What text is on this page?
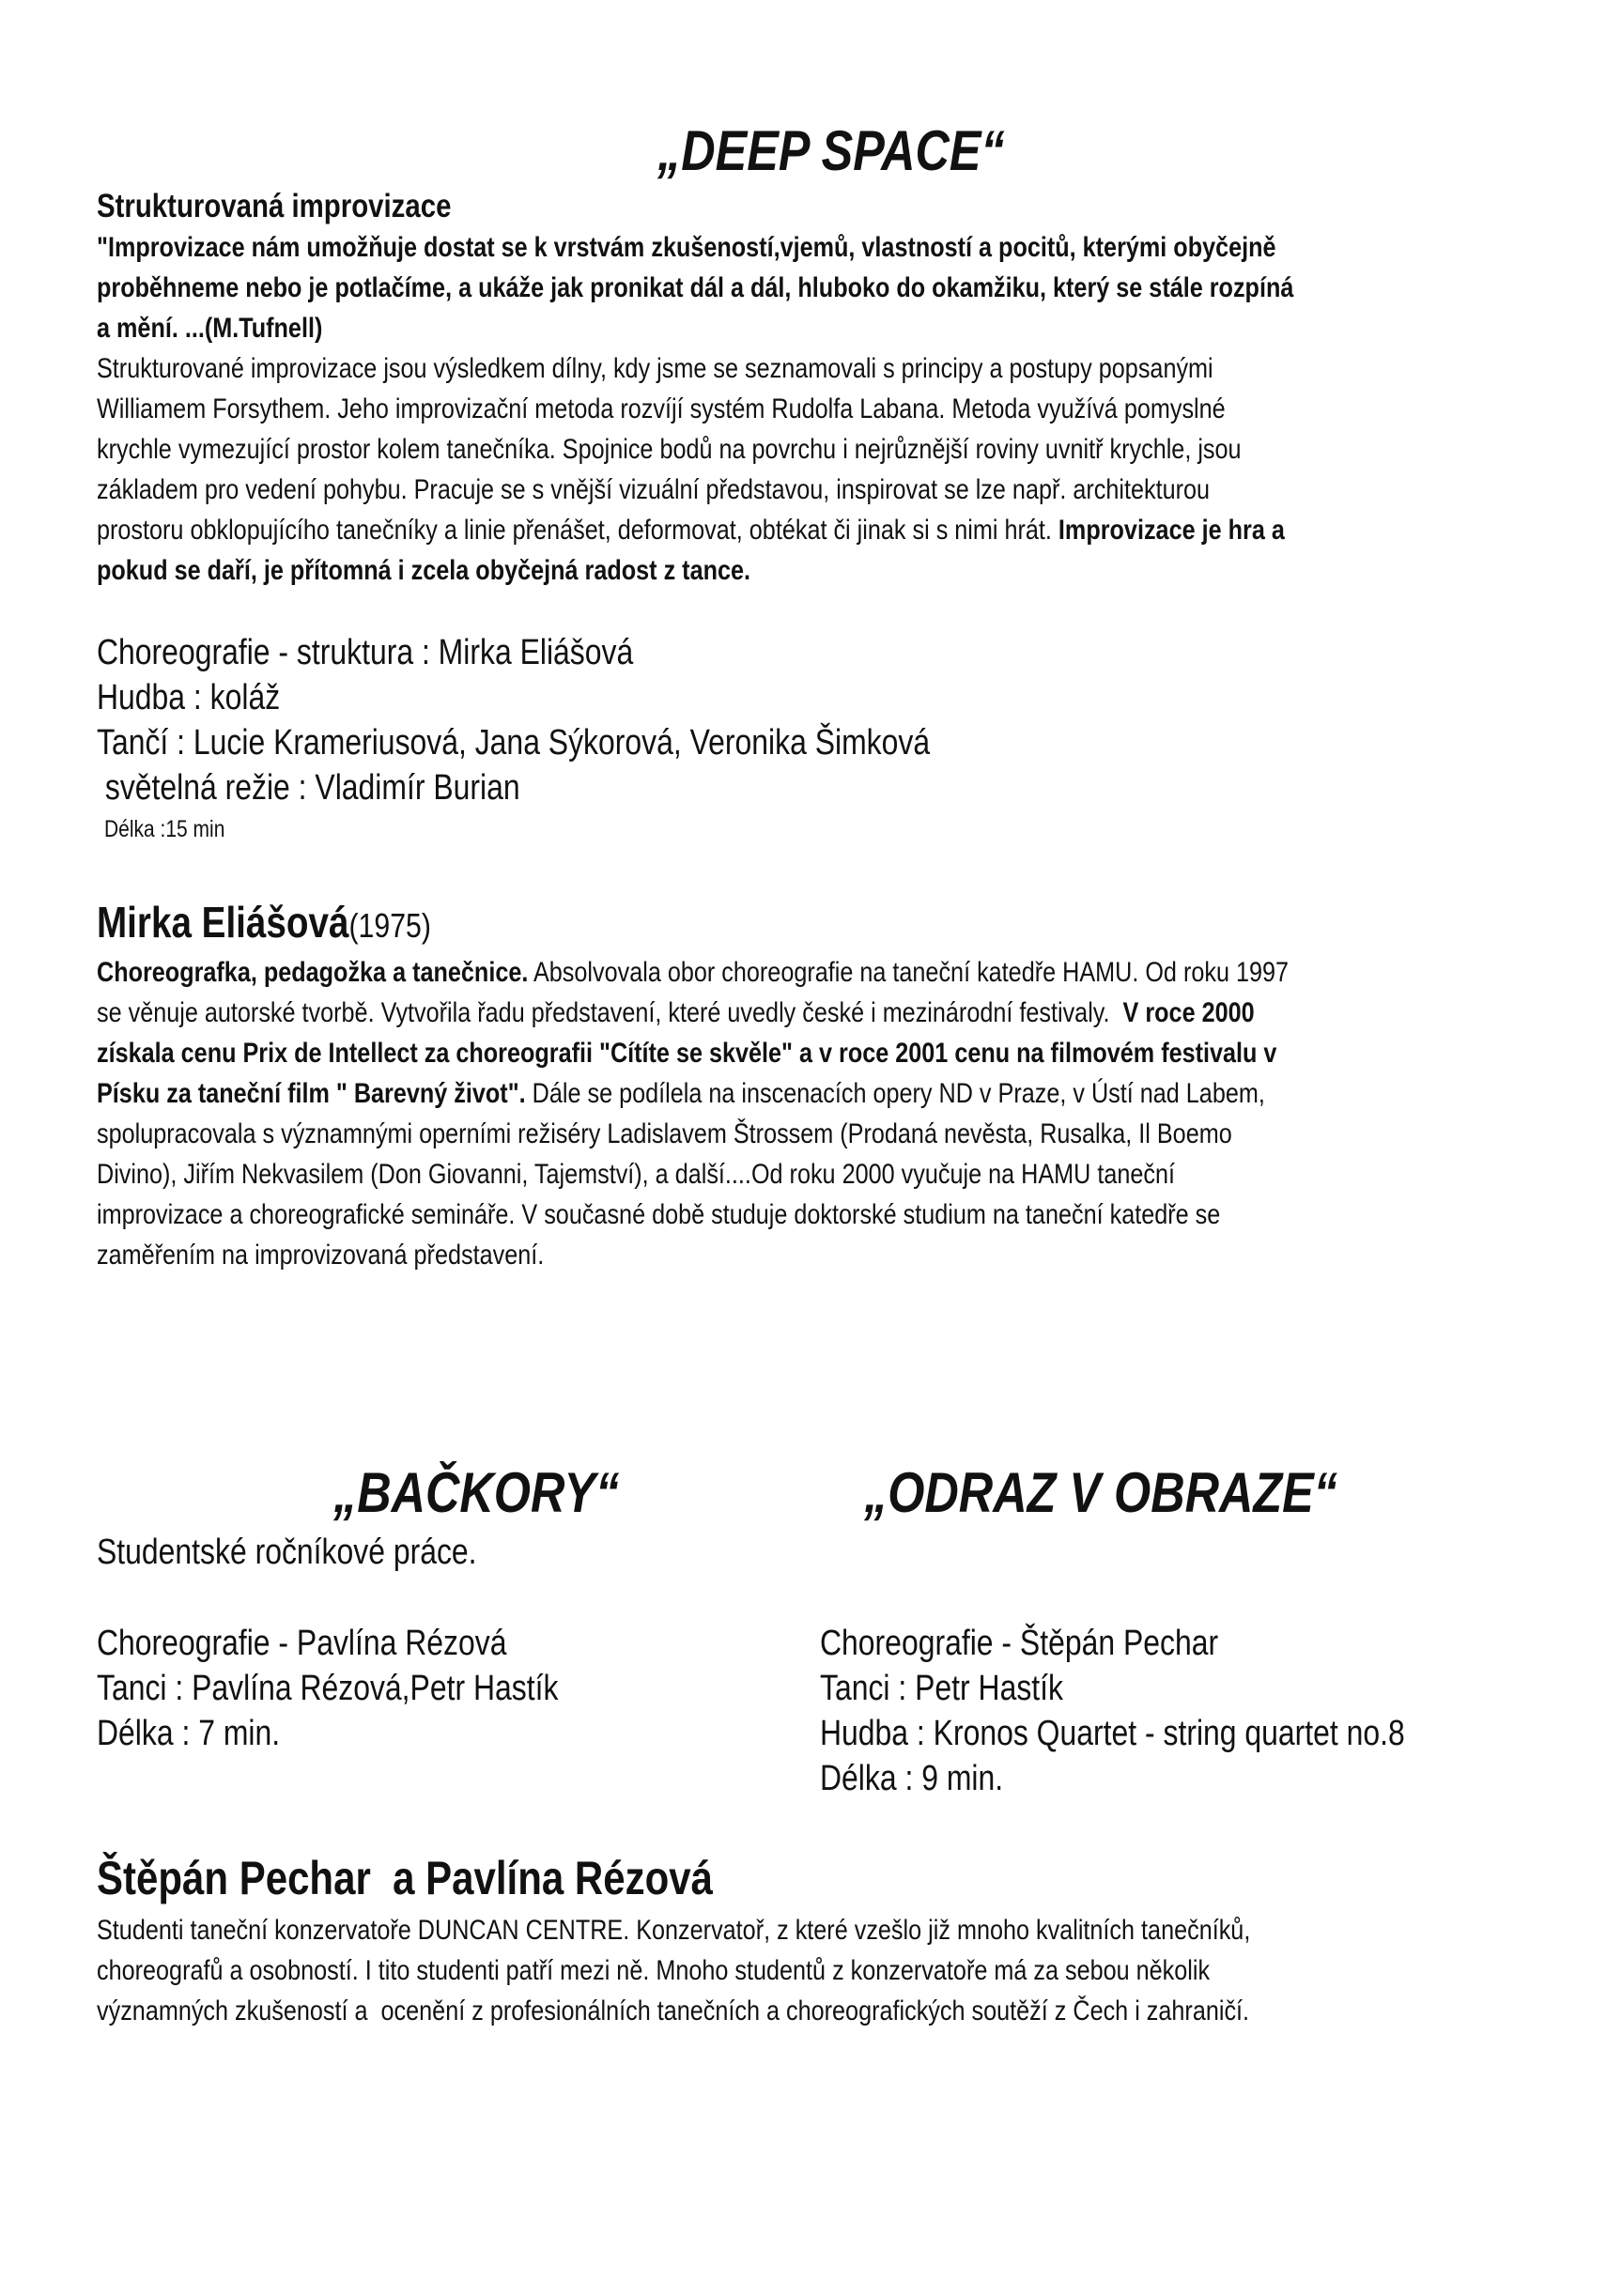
„DEEP SPACE“
Strukturovaná improvizace
"Improvizace nám umožňuje dostat se k vrstvám zkušeností,vjemů, vlastností a pocitů, kterými obyčejně
proběhneme nebo je potlačíme, a ukáže jak pronikat dál a dál, hluboko do okamžiku, který se stále rozpíná
a mění. ...(M.Tufnell)
Strukturované improvizace jsou výsledkem dílny, kdy jsme se seznamovali s principy a postupy popsanými
Williamem Forsythem. Jeho improvizační metoda rozvíjí systém Rudolfa Labana. Metoda využívá pomyslné
krychle vymezující prostor kolem tanečníka. Spojnice bodů na povrchu i nejrůznější roviny uvnitř krychle, jsou
základem pro vedení pohybu. Pracuje se s vnější vizuální představou, inspirovat se lze např. architekturou
prostoru obklopujícího tanečníky a linie přenášet, deformovat, obtékat či jinak si s nimi hrát. Improvizace je hra a
pokud se daří, je přítomná i zcela obyčejná radost z tance.
Choreografie - struktura : Mirka Eliášová
Hudba : koláž
Tančí : Lucie Krameriusová, Jana Sýkorová, Veronika Šimková
světelná režie : Vladimír Burian
Délka :15 min
Mirka Eliášová(1975)
Choreografka, pedagožka a tanečnice. Absolvovala obor choreografie na taneční katedře HAMU. Od roku 1997
se věnuje autorské tvorbě. Vytvořila řadu představení, které uvedly české i mezinárodní festivaly.  V roce 2000
získala cenu Prix de Intellect za choreografii "Cítíte se skvěle" a v roce 2001 cenu na filmovém festivalu v
Písku za taneční film " Barevný život". Dále se podílela na inscenacích opery ND v Praze, v Ústí nad Labem,
spolupracovala s významnými operními režiséry Ladislavem Štrossem (Prodaná nevěsta, Rusalka, Il Boemo
Divino), Jiřím Nekvasilem (Don Giovanni, Tajemství), a další....Od roku 2000 vyučuje na HAMU taneční
improvizace a choreografické semináře. V současné době studuje doktorské studium na taneční katedře se
zaměřením na improvizovaná představení.
„BAČKORY“
Studentské ročníkové práce.
Choreografie - Pavlína Rézová
Tanci : Pavlína Rézová,Petr Hastík
Délka : 7 min.
„ODRAZ V OBRAZE“
Choreografie - Štěpán Pechar
Tanci : Petr Hastík
Hudba : Kronos Quartet - string quartet no.8
Délka : 9 min.
Štěpán Pechar  a Pavlína Rézová
Studenti taneční konzervatoře DUNCAN CENTRE. Konzervatoř, z které vzešlo již mnoho kvalitních tanečníků,
choreografů a osobností. I tito studenti patří mezi ně. Mnoho studentů z konzervatoře má za sebou několik
významných zkušeností a  ocenění z profesionálních tanečních a choreografických soutěží z Čech i zahraničí.
